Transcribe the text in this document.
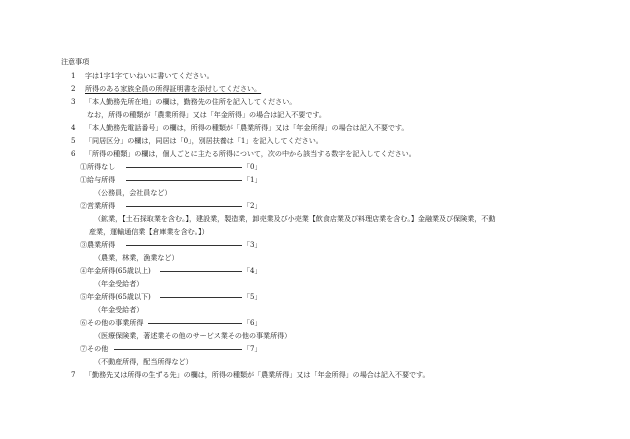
注意事項
1 字は1字1字ていねいに書いてください。
2 所得のある家族全員の所得証明書を添付してください。
3 「本人勤務先所在地」の欄は，勤務先の住所を記入してください。
なお，所得の種類が「農業所得」又は「年金所得」の場合は記入不要です。
4 「本人勤務先電話番号」の欄は，所得の種類が「農業所得」又は「年金所得」の場合は記入不要です。
5 「同居区分」の欄は，同居は「0」，別居扶養は「1」を記入してください。
6 「所得の種類」の欄は，個人ごとに主たる所得について，次の中から該当する数字を記入してください。
①所得なし	「0」
①給与所得	「1」
（公務員，会社員など）
②営業所得	「2」
（鉱業，【土石採取業を含む。】，建設業，製造業，卸売業及び小売業【飲食店業及び料理店業を含む。】金融業及び保険業，不動
産業，運輸通信業【倉庫業を含む。】）
③農業所得	「3」
（農業，林業，漁業など）
④年金所得(65歳以上)	「4」
（年金受給者）
⑤年金所得(65歳以下)	「5」
（年金受給者）
⑥その他の事業所得	「6」
（医療保険業，著述業その他のサービス業その他の事業所得）
⑦その他	「7」
（不動産所得，配当所得など）
7 「勤務先又は所得の生ずる先」の欄は，所得の種類が「農業所得」又は「年金所得」の場合は記入不要です。
